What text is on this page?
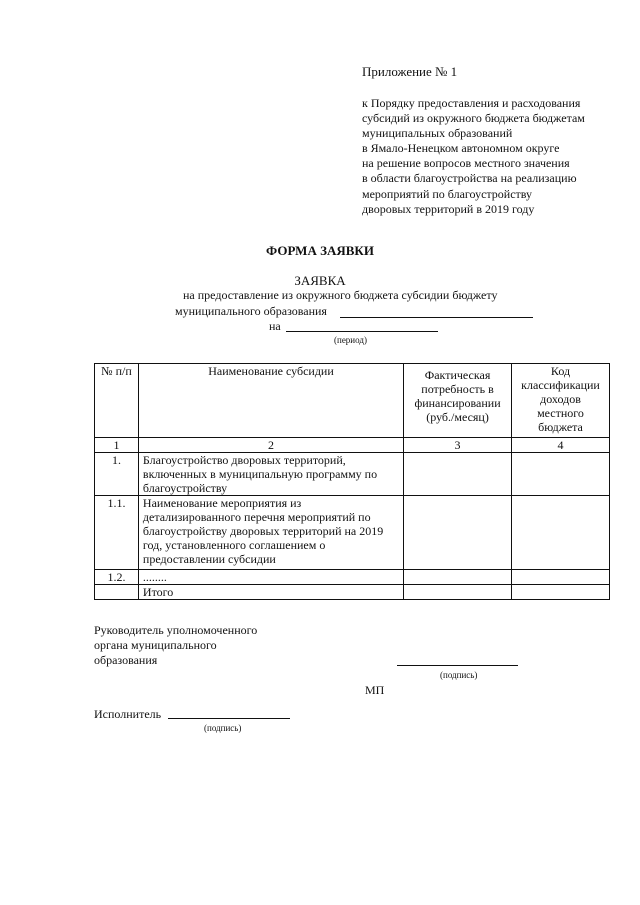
Приложение № 1
к Порядку предоставления и расходования
субсидий из окружного бюджета бюджетам
муниципальных образований
в Ямало-Ненецком автономном округе
на решение вопросов местного значения
в области благоустройства на реализацию
мероприятий по благоустройству
дворовых территорий в 2019 году
ФОРМА ЗАЯВКИ
ЗАЯВКА
на предоставление из окружного бюджета субсидии бюджету
муниципального образования
на
(период)
№ п/п	Наименование субсидии	Фактическая потребность в финансировании (руб./месяц)	Код классификации доходов местного бюджета
1	2	3	4
1.	Благоустройство дворовых территорий, включенных в муниципальную программу по благоустройству		
1.1.	Наименование мероприятия из детализированного перечня мероприятий по благоустройству дворовых территорий на 2019 год, установленного соглашением о предоставлении субсидии		
1.2.	........		
	Итого		
Руководитель уполномоченного
органа муниципального
образования
(подпись)
МП
Исполнитель
(подпись)
